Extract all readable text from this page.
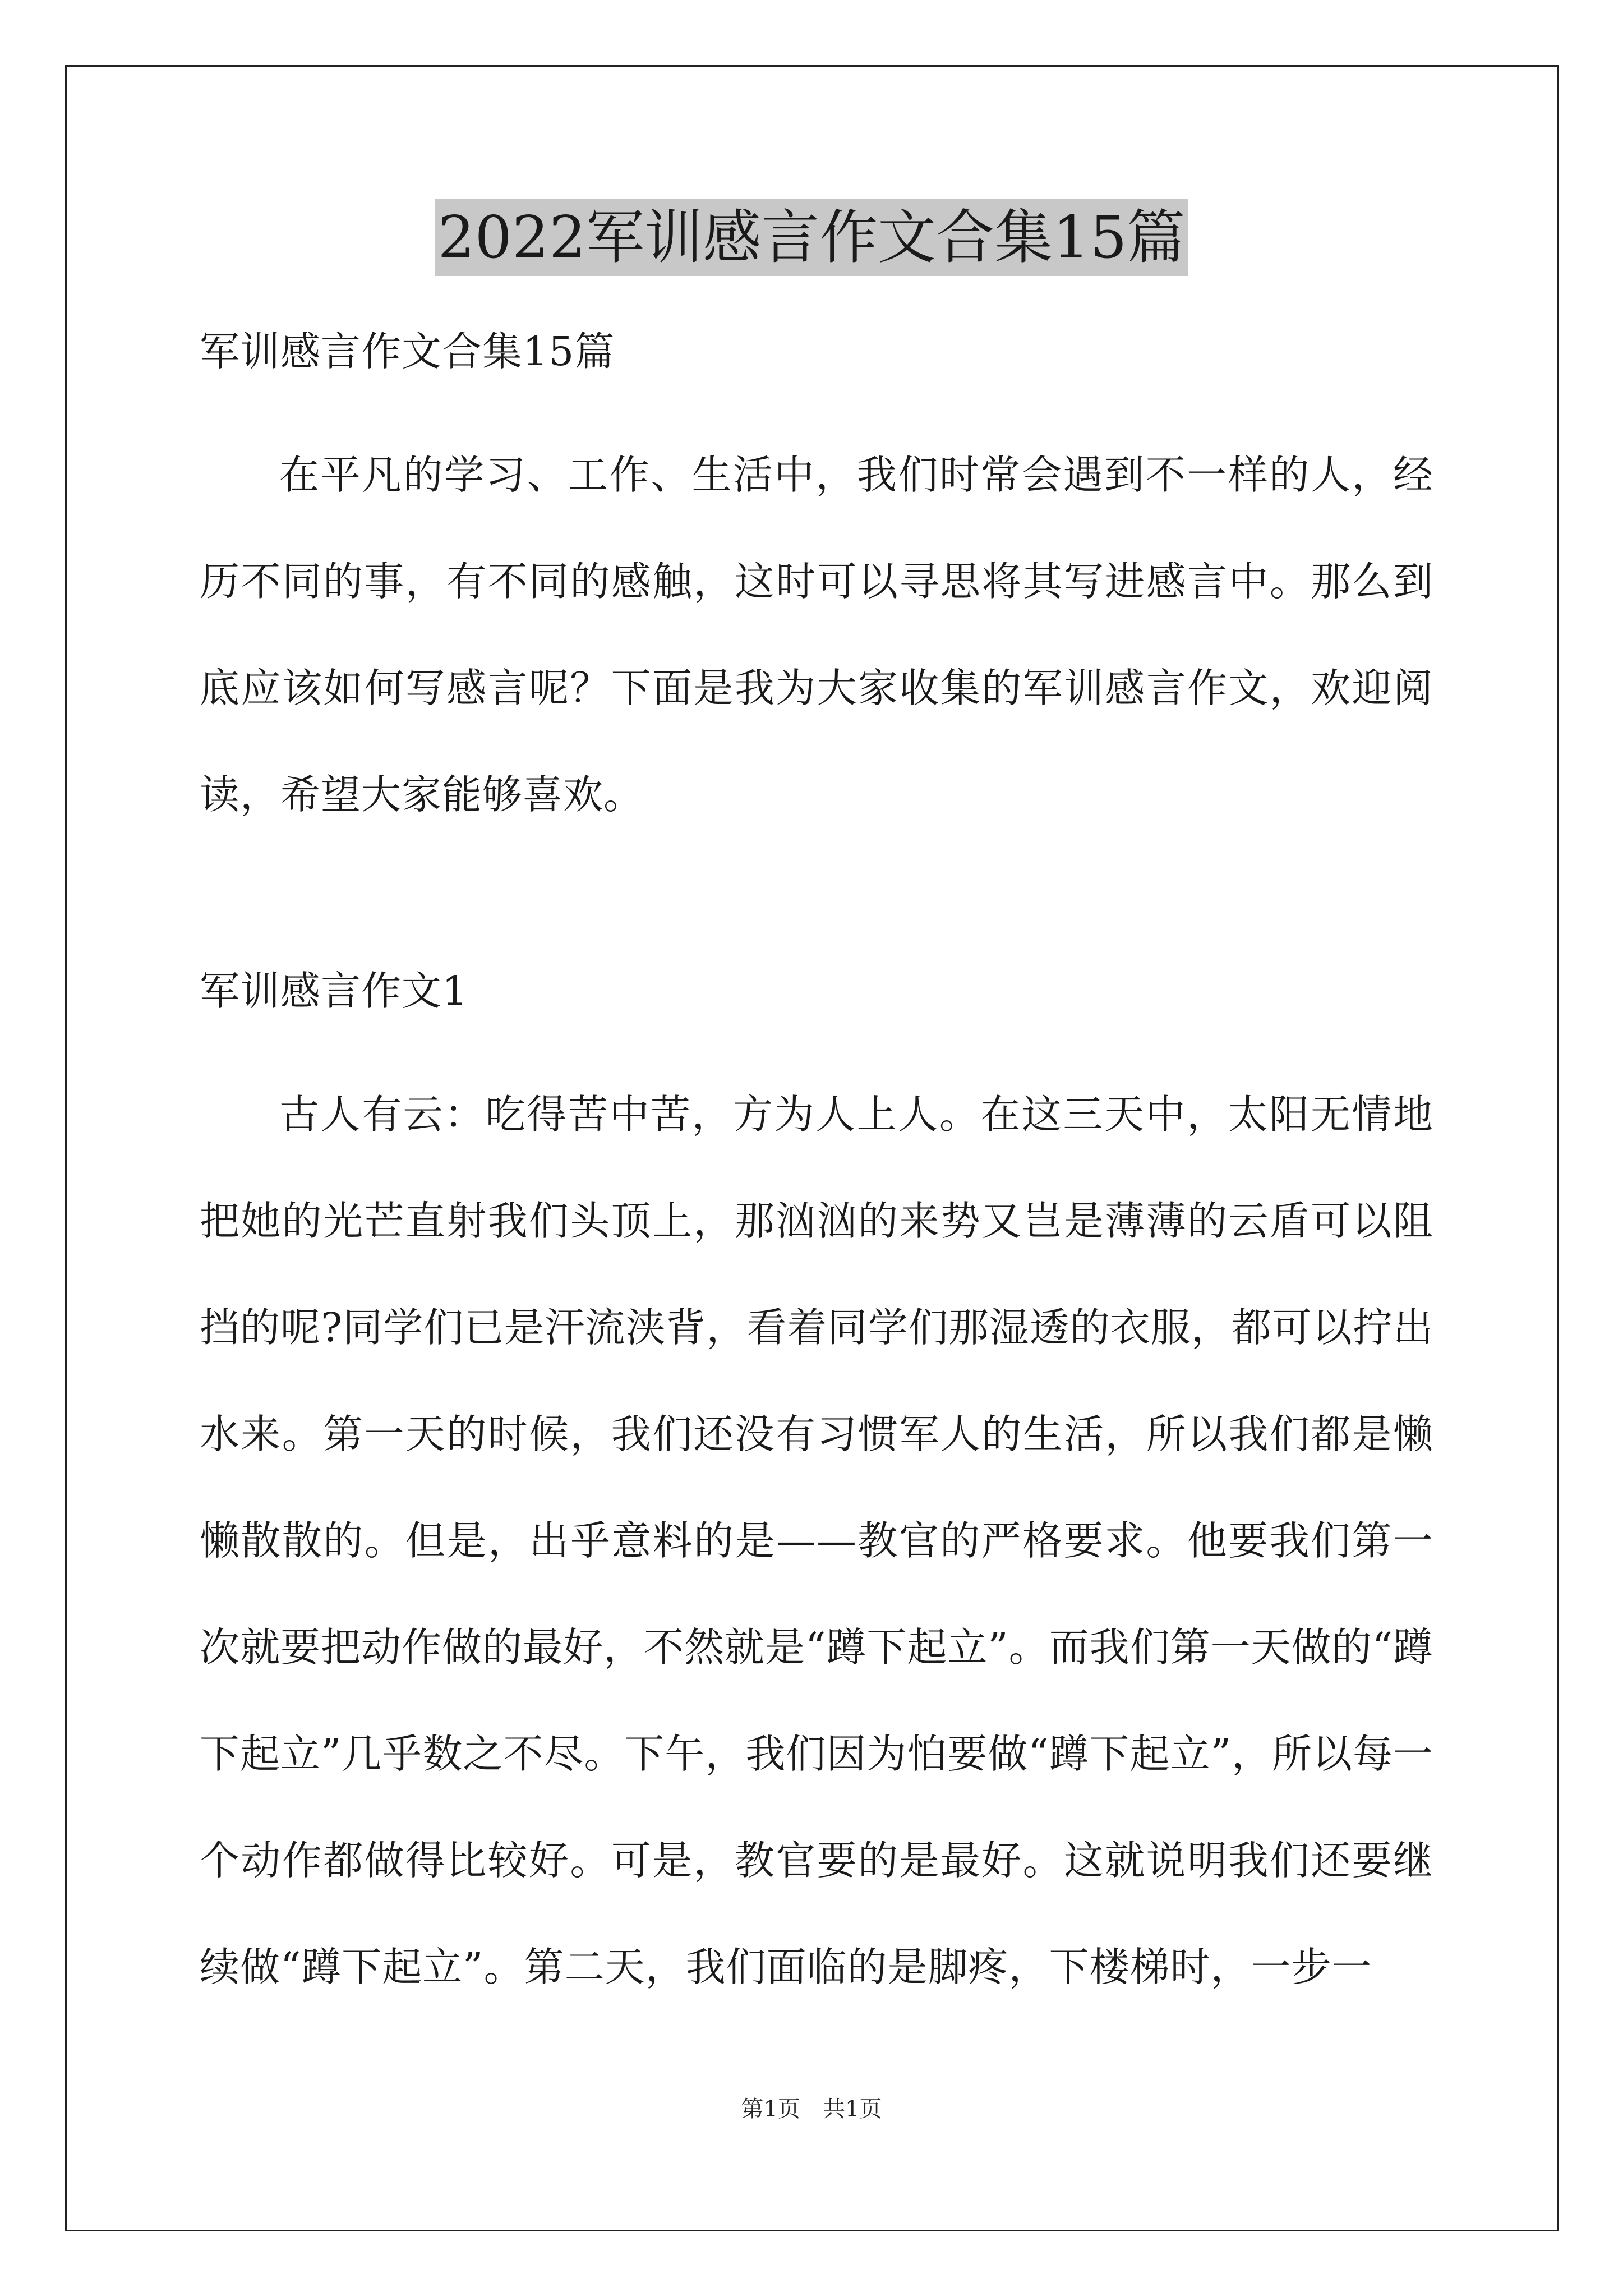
2022军训感言作文合集15篇
军训感言作文合集15篇

在平凡的学习、工作、生活中，我们时常会遇到不一样的人，经历不同的事，有不同的感触，这时可以寻思将其写进感言中。那么到底应该如何写感言呢？下面是我为大家收集的军训感言作文，欢迎阅读，希望大家能够喜欢。

军训感言作文1

古人有云：吃得苦中苦，方为人上人。在这三天中，太阳无情地把她的光芒直射我们头顶上，那汹汹的来势又岂是薄薄的云盾可以阻挡的呢?同学们已是汗流浃背，看着同学们那湿透的衣服，都可以拧出水来。第一天的时候，我们还没有习惯军人的生活，所以我们都是懒懒散散的。但是，出乎意料的是——教官的严格要求。他要我们第一次就要把动作做的最好，不然就是“蹲下起立”。而我们第一天做的“蹲下起立”几乎数之不尽。下午，我们因为怕要做“蹲下起立”，所以每一个动作都做得比较好。可是，教官要的是最好。这就说明我们还要继续做“蹲下起立”。第二天，我们面临的是脚疼，下楼梯时，一步一

第1页　共1页
